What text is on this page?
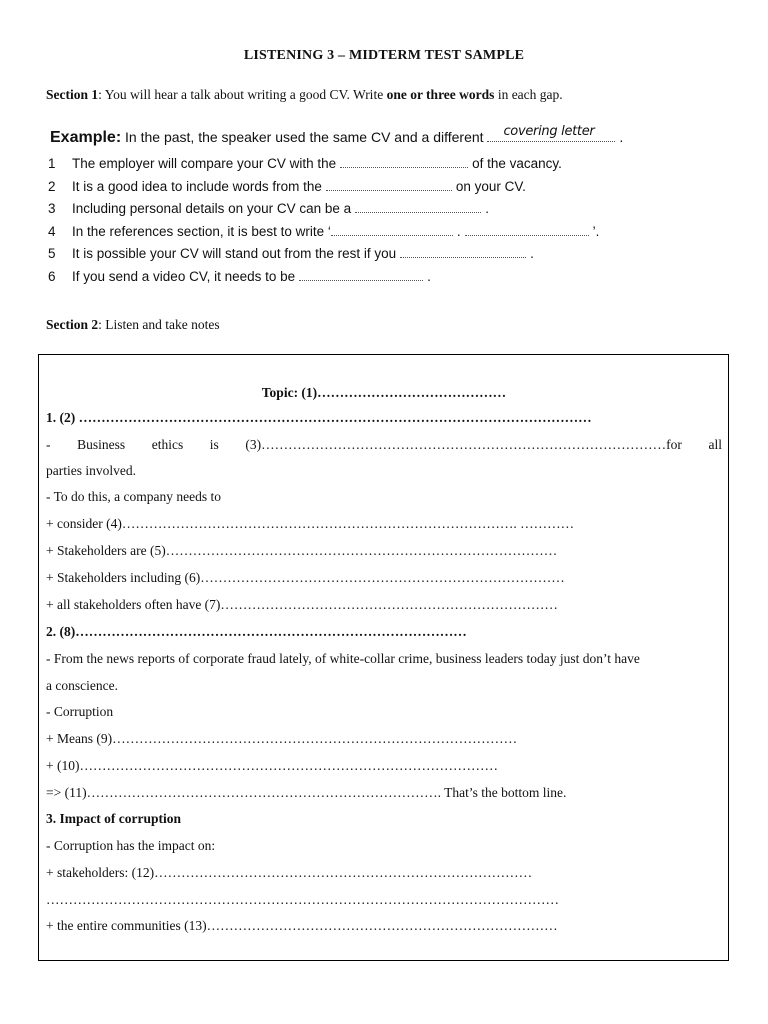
LISTENING 3 – MIDTERM TEST SAMPLE
Section 1: You will hear a talk about writing a good CV. Write one or three words in each gap.
Example: In the past, the speaker used the same CV and a different covering letter .
1	The employer will compare your CV with the	of the vacancy.
2	It is a good idea to include words from the	on your CV.
3	Including personal details on your CV can be a	.
4	In the references section, it is best to write ‘	.	’.
5	It is possible your CV will stand out from the rest if you	.
6	If you send a video CV, it needs to be	.
Section 2: Listen and take notes
Topic: (1)……………………………………
1. (2) ……………………………………………………………………………………………………
- Business ethics is (3)………………………………………………………………………………for all
parties involved.
- To do this, a company needs to
+ consider (4)……………………………………………………………………………. …………
+ Stakeholders are (5)……………………………………………………………………………
+ Stakeholders including (6)………………………………………………………………………
+ all stakeholders often have (7)…………………………………………………………………
2. (8)……………………………………………………………………………
- From the news reports of corporate fraud lately, of white-collar crime, business leaders today just don’t have
a conscience.
- Corruption
+ Means (9)………………………………………………………………………………
+ (10)…………………………………………………………………………………
=> (11)……………………………………………………………………. That’s the bottom line.
3. Impact of corruption
- Corruption has the impact on:
+ stakeholders: (12)…………………………………………………………………………
……………………………………………………………………………………………………
+ the entire communities (13)……………………………………………………………………
